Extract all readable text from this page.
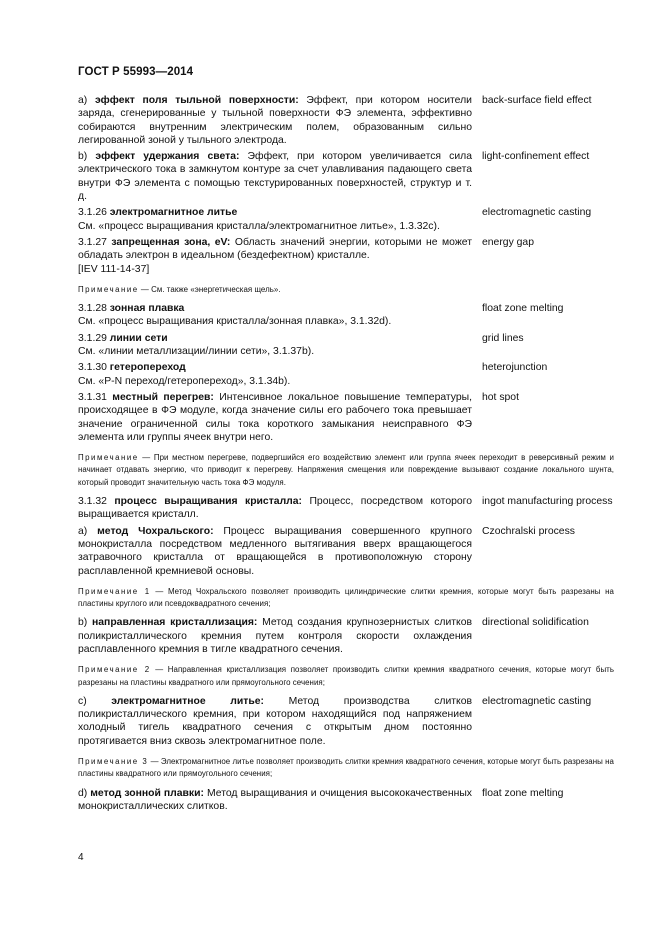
ГОСТ Р 55993—2014

a) эффект поля тыльной поверхности: Эффект, при котором носители заряда, сгенерированные у тыльной поверхности ФЭ элемента, эффективно собираются внутренним электрическим полем, образованным сильно легированной зоной у тыльного электрода.

back-surface field effect

b) эффект удержания света: Эффект, при котором увеличивается сила электрического тока в замкнутом контуре за счет улавливания падающего света внутри ФЭ элемента с помощью текстурированных поверхностей, структур и т. д.

light-confinement effect

3.1.26 электромагнитное литье

См. «процесс выращивания кристалла/электромагнитное литье», 1.3.32с).

electromagnetic casting

3.1.27 запрещенная зона, eV: Область значений энергии, которыми не может обладать электрон в идеальном (бездефектном) кристалле.

[IEV 111-14-37]

energy gap
Примечание — См. также «энергетическая щель».

3.1.28 зонная плавка

См. «процесс выращивания кристалла/зонная плавка», 3.1.32d).

float zone melting

3.1.29 линии сети

См. «линии металлизации/линии сети», 3.1.37b).

grid lines

3.1.30 гетеропереход

См. «P-N переход/гетеропереход», 3.1.34b).

heterojunction

3.1.31 местный перегрев: Интенсивное локальное повышение температуры, происходящее в ФЭ модуле, когда значение силы его рабочего тока превышает значение ограниченной силы тока короткого замыкания неисправного ФЭ элемента или группы ячеек внутри него.

hot spot
Примечание — При местном перегреве, подвергшийся его воздействию элемент или группа ячеек переходит в реверсивный режим и начинает отдавать энергию, что приводит к перегреву. Напряжения смещения или повреждение вызывают создание локального шунта, который проводит значительную часть тока ФЭ модуля.

3.1.32 процесс выращивания кристалла: Процесс, посредством которого выращивается кристалл.

ingot manufacturing process

a) метод Чохральского: Процесс выращивания совершенного крупного монокристалла посредством медленного вытягивания вверх вращающегося затравочного кристалла от вращающейся в противоположную сторону расплавленной кремниевой основы.

Czochralski process
Примечание 1 — Метод Чохральского позволяет производить цилиндрические слитки кремния, которые могут быть разрезаны на пластины круглого или псевдоквадратного сечения;

b) направленная кристаллизация: Метод создания крупнозернистых слитков поликристаллического кремния путем контроля скорости охлаждения расплавленного кремния в тигле квадратного сечения.

directional solidification
Примечание 2 — Направленная кристаллизация позволяет производить слитки кремния квадратного сечения, которые могут быть разрезаны на пластины квадратного или прямоугольного сечения;

c) электромагнитное литье: Метод производства слитков поликристаллического кремния, при котором находящийся под напряжением холодный тигель квадратного сечения с открытым дном постоянно протягивается вниз сквозь электромагнитное поле.

electromagnetic casting
Примечание 3 — Электромагнитное литье позволяет производить слитки кремния квадратного сечения, которые могут быть разрезаны на пластины квадратного или прямоугольного сечения;

d) метод зонной плавки: Метод выращивания и очищения высококачественных монокристаллических слитков.

float zone melting
4
